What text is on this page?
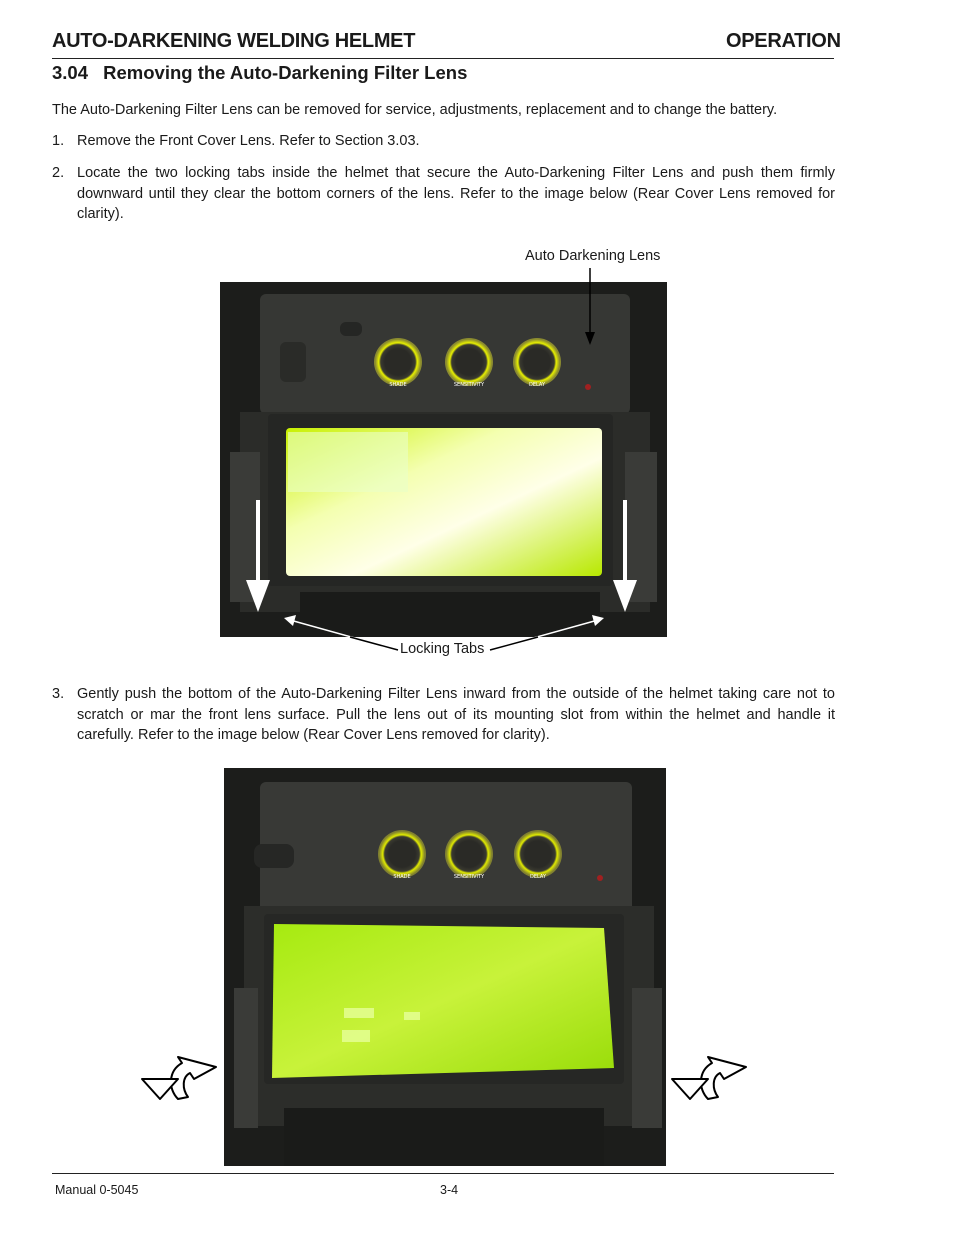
AUTO-DARKENING WELDING HELMET	OPERATION
3.04 Removing the Auto-Darkening Filter Lens
The Auto-Darkening Filter Lens can be removed for service, adjustments, replacement and to change the battery.
1. Remove the Front Cover Lens. Refer to Section 3.03.
2. Locate the two locking tabs inside the helmet that secure the Auto-Darkening Filter Lens and push them firmly downward until they clear the bottom corners of the lens. Refer to the image below (Rear Cover Lens removed for clarity).
Auto Darkening Lens
Locking Tabs
SHADE	SENSITIVITY	DELAY
3. Gently push the bottom of the Auto-Darkening Filter Lens inward from the outside of the helmet taking care not to scratch or mar the front lens surface. Pull the lens out of its mounting slot from within the helmet and handle it carefully. Refer to the image below (Rear Cover Lens removed for clarity).
SHADE	SENSITIVITY	DELAY
Manual 0-5045	3-4
